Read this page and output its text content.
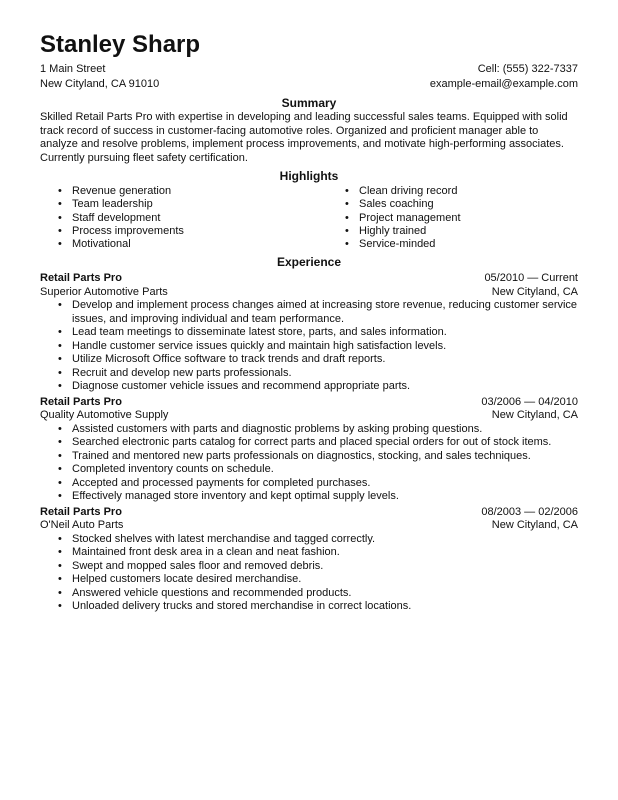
Stanley Sharp
1 Main Street	Cell: (555) 322-7337
New Cityland, CA 91010	example-email@example.com
Summary

Skilled Retail Parts Pro with expertise in developing and leading successful sales teams. Equipped with solid track record of success in customer-facing automotive roles. Organized and proficient manager able to analyze and resolve problems, implement process improvements, and motivate high-performing associates. Currently pursuing fleet safety certification.

Highlights
• Revenue generation
• Team leadership
• Staff development
• Process improvements
• Motivational
• Clean driving record
• Sales coaching
• Project management
• Highly trained
• Service-minded
Experience
Retail Parts Pro	05/2010 — Current
Superior Automotive Parts	New Cityland, CA
• Develop and implement process changes aimed at increasing store revenue, reducing customer service issues, and improving individual and team performance.
• Lead team meetings to disseminate latest store, parts, and sales information.
• Handle customer service issues quickly and maintain high satisfaction levels.
• Utilize Microsoft Office software to track trends and draft reports.
• Recruit and develop new parts professionals.
• Diagnose customer vehicle issues and recommend appropriate parts.
Retail Parts Pro	03/2006 — 04/2010
Quality Automotive Supply	New Cityland, CA
• Assisted customers with parts and diagnostic problems by asking probing questions.
• Searched electronic parts catalog for correct parts and placed special orders for out of stock items.
• Trained and mentored new parts professionals on diagnostics, stocking, and sales techniques.
• Completed inventory counts on schedule.
• Accepted and processed payments for completed purchases.
• Effectively managed store inventory and kept optimal supply levels.
Retail Parts Pro	08/2003 — 02/2006
O'Neil Auto Parts	New Cityland, CA
• Stocked shelves with latest merchandise and tagged correctly.
• Maintained front desk area in a clean and neat fashion.
• Swept and mopped sales floor and removed debris.
• Helped customers locate desired merchandise.
• Answered vehicle questions and recommended products.
• Unloaded delivery trucks and stored merchandise in correct locations.
